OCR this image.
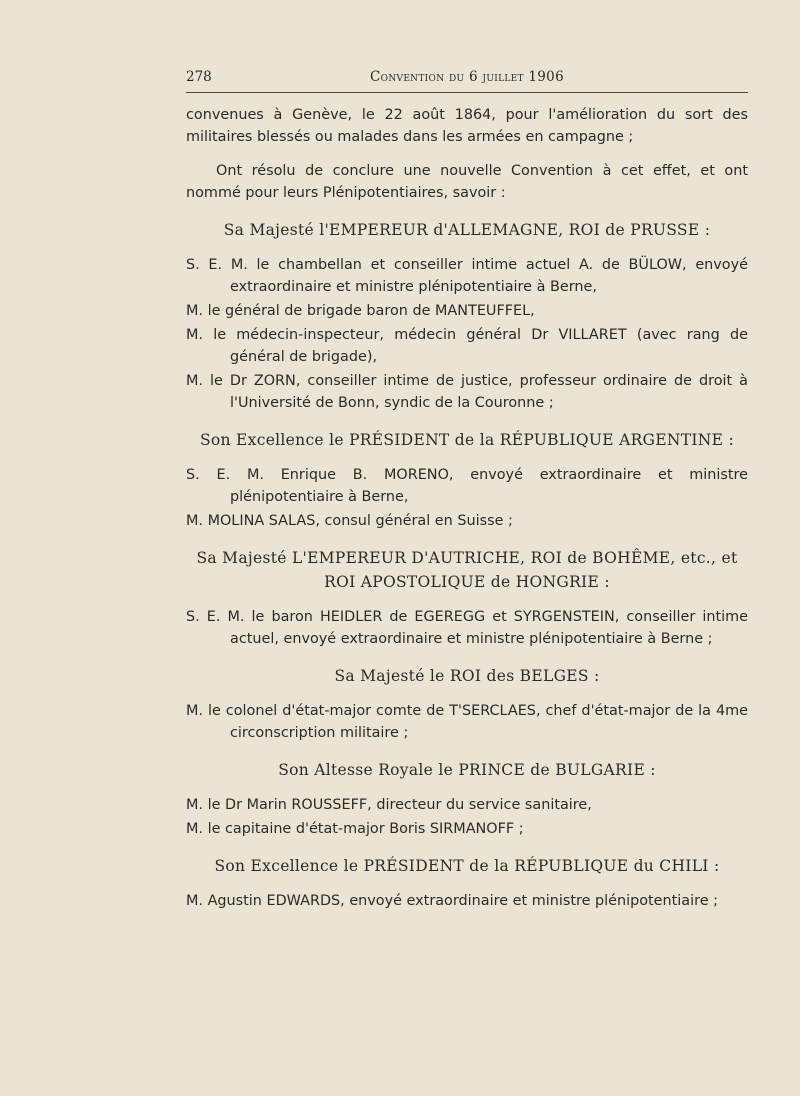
278	Convention du 6 juillet 1906

convenues à Genève, le 22 août 1864, pour l'amélioration du sort des militaires blessés ou malades dans les armées en campagne ;

Ont résolu de conclure une nouvelle Convention à cet effet, et ont nommé pour leurs Plénipotentiaires, savoir :

Sa Majesté l'EMPEREUR d'ALLEMAGNE, ROI de PRUSSE :

S. E. M. le chambellan et conseiller intime actuel A. de BÜLOW, envoyé extraordinaire et ministre plénipotentiaire à Berne,

M. le général de brigade baron de MANTEUFFEL,

M. le médecin-inspecteur, médecin général Dr VILLARET (avec rang de général de brigade),

M. le Dr ZORN, conseiller intime de justice, professeur ordinaire de droit à l'Université de Bonn, syndic de la Couronne ;

Son Excellence le PRÉSIDENT de la RÉPUBLIQUE ARGENTINE :

S. E. M. Enrique B. MORENO, envoyé extraordinaire et ministre plénipotentiaire à Berne,

M. MOLINA SALAS, consul général en Suisse ;

Sa Majesté L'EMPEREUR D'AUTRICHE, ROI de BOHÊME, etc., et ROI APOSTOLIQUE de HONGRIE :

S. E. M. le baron HEIDLER de EGEREGG et SYRGENSTEIN, conseiller intime actuel, envoyé extraordinaire et ministre plénipotentiaire à Berne ;

Sa Majesté le ROI des BELGES :

M. le colonel d'état-major comte de T'SERCLAES, chef d'état-major de la 4me circonscription militaire ;

Son Altesse Royale le PRINCE de BULGARIE :

M. le Dr Marin ROUSSEFF, directeur du service sanitaire,

M. le capitaine d'état-major Boris SIRMANOFF ;

Son Excellence le PRÉSIDENT de la RÉPUBLIQUE du CHILI :

M. Agustin EDWARDS, envoyé extraordinaire et ministre plénipotentiaire ;
